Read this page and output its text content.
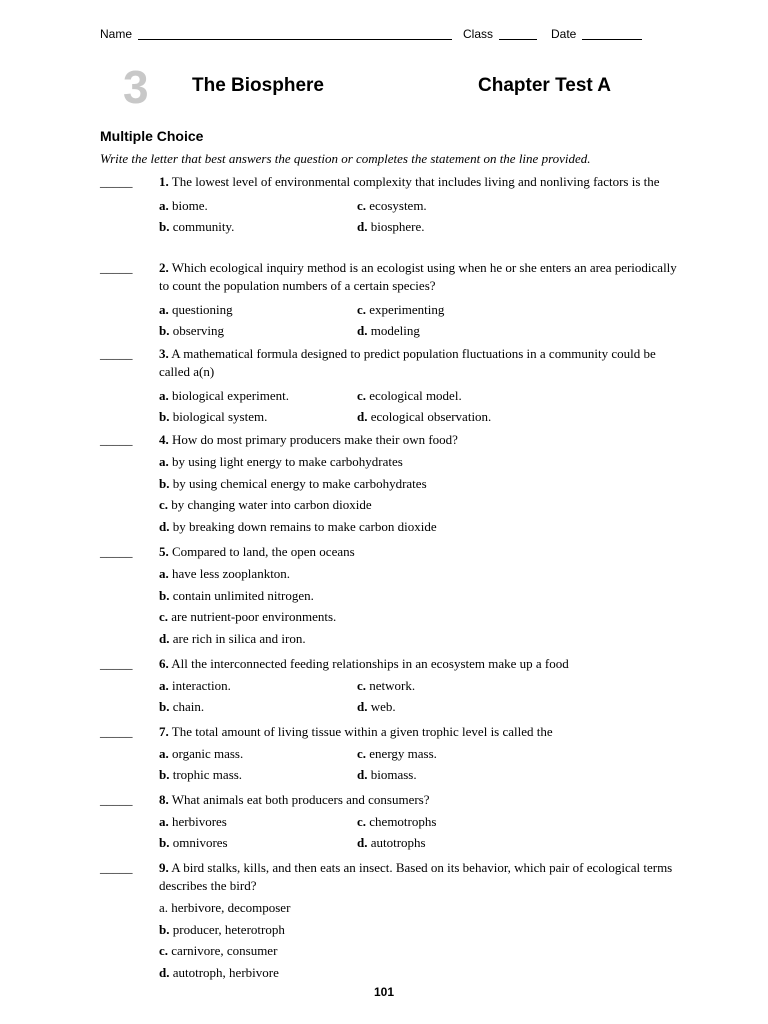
Name	Class	Date
3 The Biosphere	Chapter Test A
Multiple Choice
Write the letter that best answers the question or completes the statement on the line provided.
_____ 1. The lowest level of environmental complexity that includes living and nonliving factors is the
a. biome.	c. ecosystem.
b. community.	d. biosphere.
_____ 2. Which ecological inquiry method is an ecologist using when he or she enters an area periodically to count the population numbers of a certain species?
a. questioning	c. experimenting
b. observing	d. modeling
_____ 3. A mathematical formula designed to predict population fluctuations in a community could be called a(n)
a. biological experiment.	c. ecological model.
b. biological system.	d. ecological observation.
_____ 4. How do most primary producers make their own food?
a. by using light energy to make carbohydrates
b. by using chemical energy to make carbohydrates
c. by changing water into carbon dioxide
d. by breaking down remains to make carbon dioxide
_____ 5. Compared to land, the open oceans
a. have less zooplankton.
b. contain unlimited nitrogen.
c. are nutrient-poor environments.
d. are rich in silica and iron.
_____ 6. All the interconnected feeding relationships in an ecosystem make up a food
a. interaction.	c. network.
b. chain.	d. web.
_____ 7. The total amount of living tissue within a given trophic level is called the
a. organic mass.	c. energy mass.
b. trophic mass.	d. biomass.
_____ 8. What animals eat both producers and consumers?
a. herbivores	c. chemotrophs
b. omnivores	d. autotrophs
_____ 9. A bird stalks, kills, and then eats an insect. Based on its behavior, which pair of ecological terms describes the bird?
a. herbivore, decomposer
b. producer, heterotroph
c. carnivore, consumer
d. autotroph, herbivore
101
